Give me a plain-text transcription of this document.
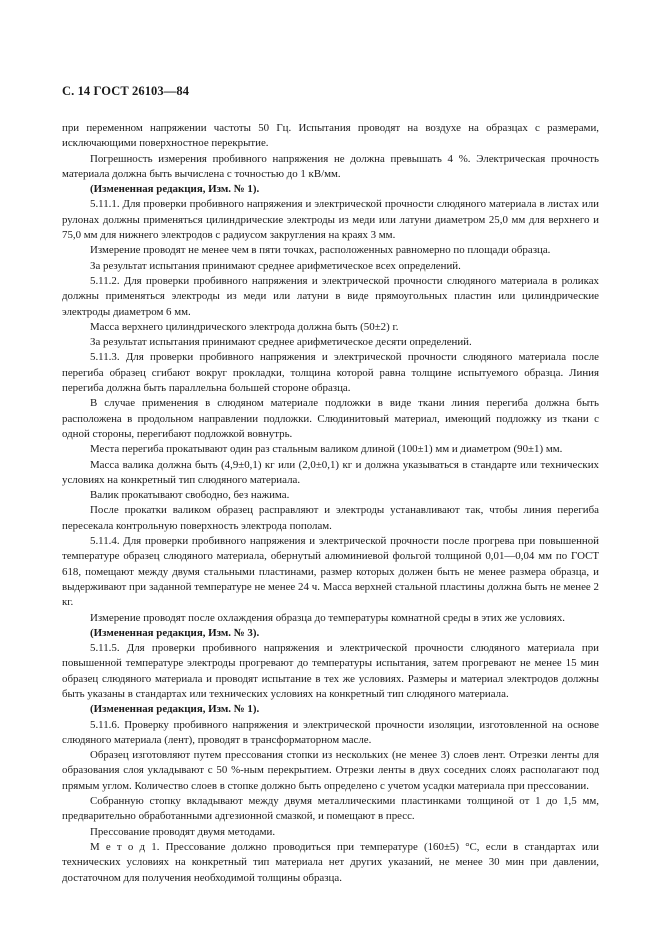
С. 14 ГОСТ 26103—84

при переменном напряжении частоты 50 Гц. Испытания проводят на воздухе на образцах с размерами, исключающими поверхностное перекрытие.

Погрешность измерения пробивного напряжения не должна превышать 4 %. Электрическая прочность материала должна быть вычислена с точностью до 1 кВ/мм.

(Измененная редакция, Изм. № 1).

5.11.1. Для проверки пробивного напряжения и электрической прочности слюдяного материала в листах или рулонах должны применяться цилиндрические электроды из меди или латуни диаметром 25,0 мм для верхнего и 75,0 мм для нижнего электродов с радиусом закругления на краях 3 мм.

Измерение проводят не менее чем в пяти точках, расположенных равномерно по площади образца.

За результат испытания принимают среднее арифметическое всех определений.

5.11.2. Для проверки пробивного напряжения и электрической прочности слюдяного материала в роликах должны применяться электроды из меди или латуни в виде прямоугольных пластин или цилиндрические электроды диаметром 6 мм.

Масса верхнего цилиндрического электрода должна быть (50±2) г.

За результат испытания принимают среднее арифметическое десяти определений.

5.11.3. Для проверки пробивного напряжения и электрической прочности слюдяного материала после перегиба образец сгибают вокруг прокладки, толщина которой равна толщине испытуемого образца. Линия перегиба должна быть параллельна большей стороне образца.

В случае применения в слюдяном материале подложки в виде ткани линия перегиба должна быть расположена в продольном направлении подложки. Слюдинитовый материал, имеющий подложку из ткани с одной стороны, перегибают подложкой вовнутрь.

Места перегиба прокатывают один раз стальным валиком длиной (100±1) мм и диаметром (90±1) мм.

Масса валика должна быть (4,9±0,1) кг или (2,0±0,1) кг и должна указываться в стандарте или технических условиях на конкретный тип слюдяного материала.

Валик прокатывают свободно, без нажима.

После прокатки валиком образец расправляют и электроды устанавливают так, чтобы линия перегиба пересекала контрольную поверхность электрода пополам.

5.11.4. Для проверки пробивного напряжения и электрической прочности после прогрева при повышенной температуре образец слюдяного материала, обернутый алюминиевой фольгой толщиной 0,01—0,04 мм по ГОСТ 618, помещают между двумя стальными пластинами, размер которых должен быть не менее размера образца, и выдерживают при заданной температуре не менее 24 ч. Масса верхней стальной пластины должна быть не менее 2 кг.

Измерение проводят после охлаждения образца до температуры комнатной среды в этих же условиях.

(Измененная редакция, Изм. № 3).

5.11.5. Для проверки пробивного напряжения и электрической прочности слюдяного материала при повышенной температуре электроды прогревают до температуры испытания, затем прогревают не менее 15 мин образец слюдяного материала и проводят испытание в тех же условиях. Размеры и материал электродов должны быть указаны в стандартах или технических условиях на конкретный тип слюдяного материала.

(Измененная редакция, Изм. № 1).

5.11.6. Проверку пробивного напряжения и электрической прочности изоляции, изготовленной на основе слюдяного материала (лент), проводят в трансформаторном масле.

Образец изготовляют путем прессования стопки из нескольких (не менее 3) слоев лент. Отрезки ленты для образования слоя укладывают с 50 %-ным перекрытием. Отрезки ленты в двух соседних слоях располагают под прямым углом. Количество слоев в стопке должно быть определено с учетом усадки материала при прессовании.

Собранную стопку вкладывают между двумя металлическими пластинками толщиной от 1 до 1,5 мм, предварительно обработанными адгезионной смазкой, и помещают в пресс.

Прессование проводят двумя методами.

М е т о д 1. Прессование должно проводиться при температуре (160±5) °С, если в стандартах или технических условиях на конкретный тип материала нет других указаний, не менее 30 мин при давлении, достаточном для получения необходимой толщины образца.
